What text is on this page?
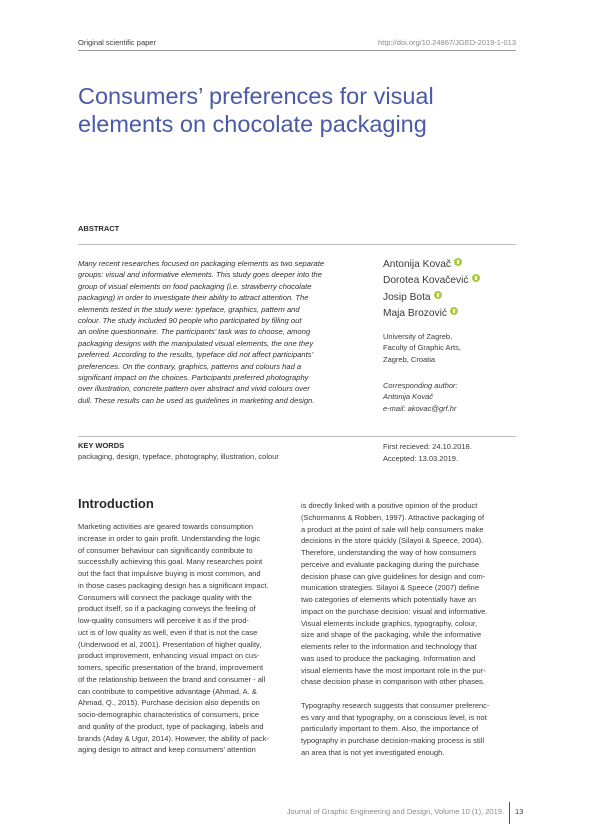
Original scientific paper	http://doi.org/10.24867/JGED-2019-1-013
Consumers’ preferences for visual
elements on chocolate packaging
ABSTRACT
Many recent researches focused on packaging elements as two separate
groups: visual and informative elements. This study goes deeper into the
group of visual elements on food packaging (i.e. strawberry chocolate
packaging) in order to investigate their ability to attract attention. The
elements tested in the study were: typeface, graphics, pattern and
colour. The study included 90 people who participated by filling out
an online questionnaire. The participants’ task was to choose, among
packaging designs with the manipulated visual elements, the one they
preferred. According to the results, typeface did not affect participants’
preferences. On the contrary, graphics, patterns and colours had a
significant impact on the choices. Participants preferred photography
over illustration, concrete pattern over abstract and vivid colours over
dull. These results can be used as guidelines in marketing and design.
Antonija Kovač
Dorotea Kovačević
Josip Bota
Maja Brozović
University of Zagreb,
Faculty of Graphic Arts,
Zagreb, Croatia
Corresponding author:
Antonija Kovač
e-mail: akovac@grf.hr
KEY WORDS
packaging, design, typeface, photography, illustration, colour
First recieved: 24.10.2018.
Accepted: 13.03.2019.
Introduction

Marketing activities are geared towards consumption
increase in order to gain profit. Understanding the logic
of consumer behaviour can significantly contribute to
successfully achieving this goal. Many researches point
out the fact that impulsive buying is most common, and
in those cases packaging design has a significant impact.
Consumers will connect the package quality with the
product itself, so if a packaging conveys the feeling of
low-quality consumers will perceive it as if the prod-
uct is of low quality as well, even if that is not the case
(Underwood et al, 2001). Presentation of higher quality,
product improvement, enhancing visual impact on cus-
tomers, specific presentation of the brand, improvement
of the relationship between the brand and consumer - all
can contribute to competitive advantage (Ahmad, A. &
Ahmad, Q., 2015). Purchase decision also depends on
socio-demographic characteristics of consumers, price
and quality of the product, type of packaging, labels and
brands (Aday & Ugur, 2014). However, the ability of pack-
aging design to attract and keep consumers’ attention

is directly linked with a positive opinion of the product
(Schormanns & Robben, 1997). Attractive packaging of
a product at the point of sale will help consumers make
decisions in the store quickly (Silayoi & Speece, 2004).
Therefore, understanding the way of how consumers
perceive and evaluate packaging during the purchase
decision phase can give guidelines for design and com-
munication strategies. Silayoi & Speece (2007) define
two categories of elements which potentially have an
impact on the purchase decision: visual and informative.
Visual elements include graphics, typography, colour,
size and shape of the packaging, while the informative
elements refer to the information and technology that
was used to produce the packaging. Information and
visual elements have the most important role in the pur-
chase decision phase in comparison with other phases.

Typography research suggests that consumer preferenc-
es vary and that typography, on a conscious level, is not
particularly important to them. Also, the importance of
typography in purchase decision-making process is still
an area that is not yet investigated enough.

Journal of Graphic Engineering and Design, Volume 10 (1), 2019. 13
